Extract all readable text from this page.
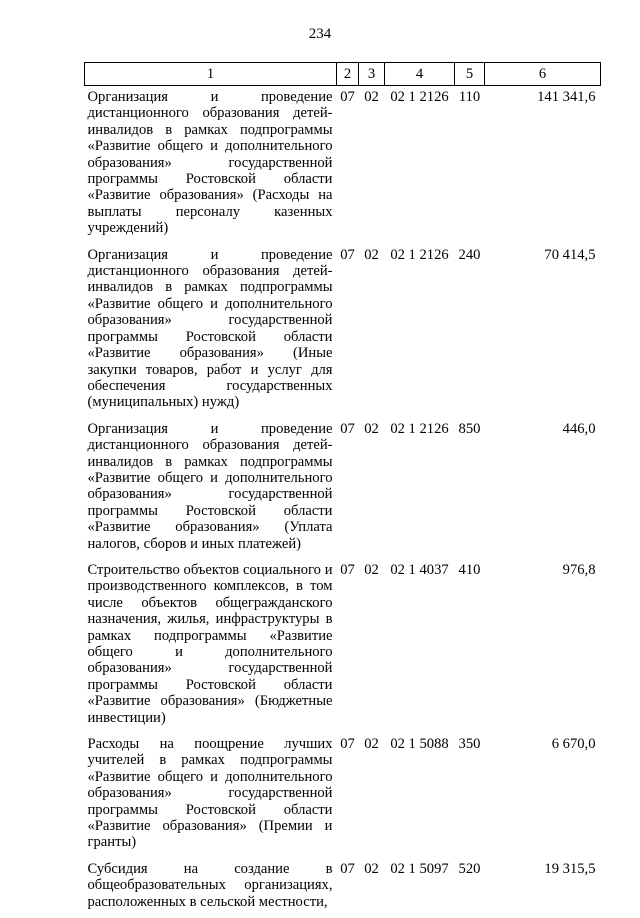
234
1	2	3	4	5	6
Организация и проведение дистанционного образования детей-инвалидов в рамках подпрограммы «Развитие общего и дополнительного образования» государственной программы Ростовской области «Развитие образования» (Расходы на выплаты персоналу казенных учреждений)	07	02	02 1 2126	110	141 341,6
Организация и проведение дистанционного образования детей-инвалидов в рамках подпрограммы «Развитие общего и дополнительного образования» государственной программы Ростовской области «Развитие образования» (Иные закупки товаров, работ и услуг для обеспечения государственных (муниципальных) нужд)	07	02	02 1 2126	240	70 414,5
Организация и проведение дистанционного образования детей-инвалидов в рамках подпрограммы «Развитие общего и дополнительного образования» государственной программы Ростовской области «Развитие образования» (Уплата налогов, сборов и иных платежей)	07	02	02 1 2126	850	446,0
Строительство объектов социального и производственного комплексов, в том числе объектов общегражданского назначения, жилья, инфраструктуры в рамках подпрограммы «Развитие общего и дополнительного образования» государственной программы Ростовской области «Развитие образования» (Бюджетные инвестиции)	07	02	02 1 4037	410	976,8
Расходы на поощрение лучших учителей в рамках подпрограммы «Развитие общего и дополнительного образования» государственной программы Ростовской области «Развитие образования» (Премии и гранты)	07	02	02 1 5088	350	6 670,0
Субсидия на создание в общеобразовательных организациях, расположенных в сельской местности,	07	02	02 1 5097	520	19 315,5
